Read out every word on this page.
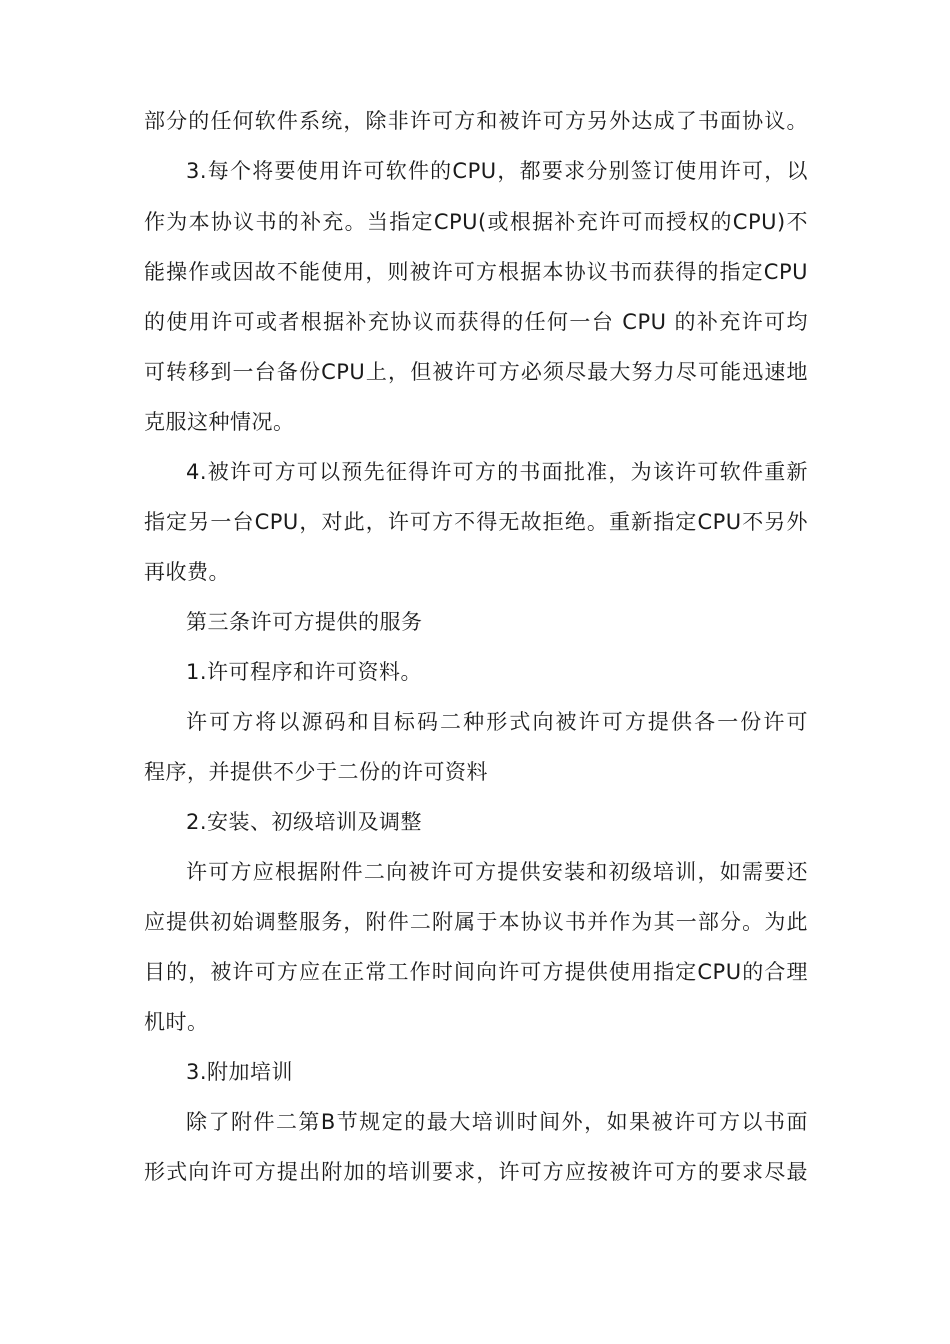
部分的任何软件系统，除非许可方和被许可方另外达成了书面协议。
3.每个将要使用许可软件的CPU，都要求分别签订使用许可，以
作为本协议书的补充。当指定CPU(或根据补充许可而授权的CPU)不
能操作或因故不能使用，则被许可方根据本协议书而获得的指定CPU
的使用许可或者根据补充协议而获得的任何一台 CPU 的补充许可均
可转移到一台备份CPU上，但被许可方必须尽最大努力尽可能迅速地
克服这种情况。
4.被许可方可以预先征得许可方的书面批准，为该许可软件重新
指定另一台CPU，对此，许可方不得无故拒绝。重新指定CPU不另外
再收费。
第三条许可方提供的服务
1.许可程序和许可资料。
许可方将以源码和目标码二种形式向被许可方提供各一份许可
程序，并提供不少于二份的许可资料
2.安装、初级培训及调整
许可方应根据附件二向被许可方提供安装和初级培训，如需要还
应提供初始调整服务，附件二附属于本协议书并作为其一部分。为此
目的，被许可方应在正常工作时间向许可方提供使用指定CPU的合理
机时。
3.附加培训
除了附件二第B节规定的最大培训时间外，如果被许可方以书面
形式向许可方提出附加的培训要求，许可方应按被许可方的要求尽最
